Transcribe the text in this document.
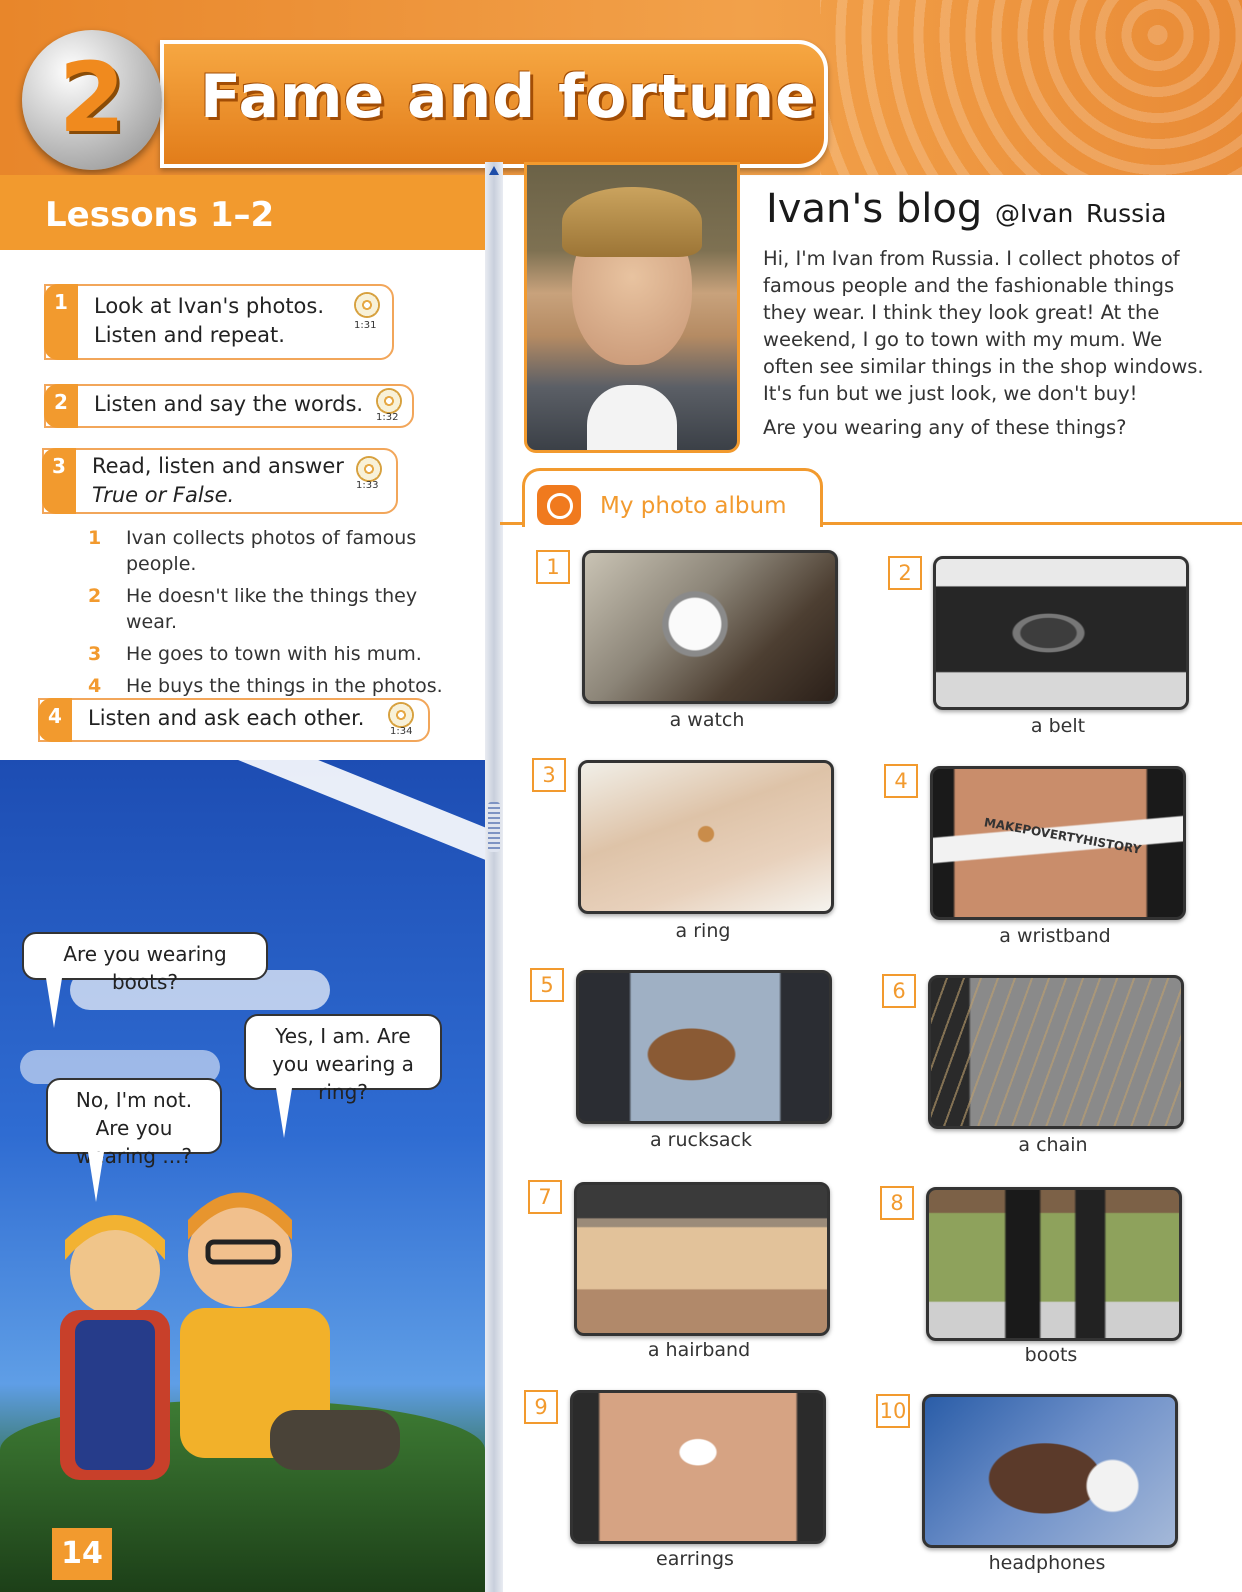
Fame and fortune
2
Lessons 1–2
1	Look at Ivan's photos.
Listen and repeat.	1:31
2	Listen and say the words.
1:32
3	Read, listen and answer
True or False.	1:33
1 Ivan collects photos of famous people.
2 He doesn't like the things they wear.
3 He goes to town with his mum.
4 He buys the things in the photos.
4	Listen and ask each other.
1:34
Are you wearing boots?
Yes, I am. Are you wearing a ring?
No, I'm not. Are you wearing ...?
14
Ivan's blog @Ivan Russia
Hi, I'm Ivan from Russia. I collect photos of famous people and the fashionable things they wear. I think they look great! At the weekend, I go to town with my mum. We often see similar things in the shop windows. It's fun but we just look, we don't buy!
Are you wearing any of these things?
My photo album
1
a watch
2
a belt
3
a ring
4
MAKEPOVERTYHISTORY
a wristband
5
a rucksack
6
a chain
7
a hairband
8
boots
9
earrings
10
headphones
